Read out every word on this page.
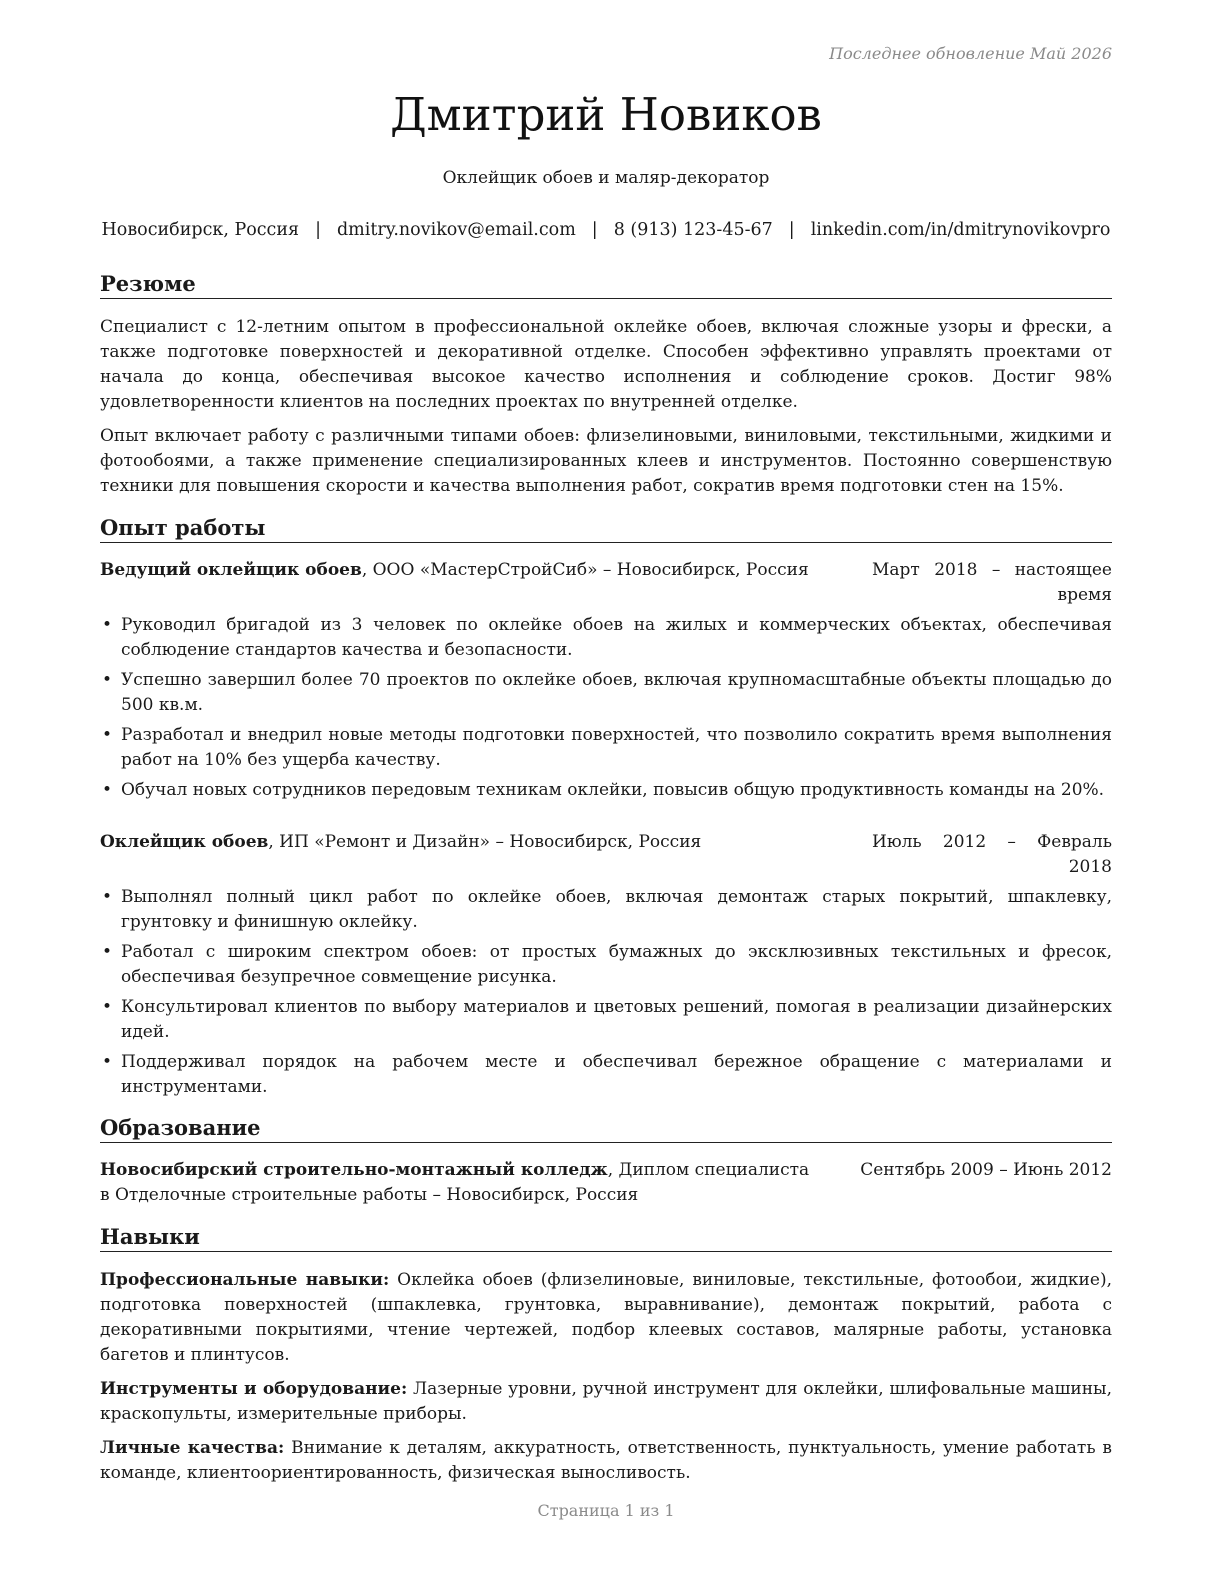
Последнее обновление Май 2026
Дмитрий Новиков
Оклейщик обоев и маляр-декоратор
Новосибирск, Россия | dmitry.novikov@email.com | 8 (913) 123-45-67 | linkedin.com/in/dmitrynovikovpro
Резюме

Специалист с 12-летним опытом в профессиональной оклейке обоев, включая сложные узоры и фрески, а также подготовке поверхностей и декоративной отделке. Способен эффективно управлять проектами от начала до конца, обеспечивая высокое качество исполнения и соблюдение сроков. Достиг 98% удовлетворенности клиентов на последних проектах по внутренней отделке.

Опыт включает работу с различными типами обоев: флизелиновыми, виниловыми, текстильными, жидкими и фотообоями, а также применение специализированных клеев и инструментов. Постоянно совершенствую техники для повышения скорости и качества выполнения работ, сократив время подготовки стен на 15%.

Опыт работы
Ведущий оклейщик обоев, ООО «МастерСтройСиб» – Новосибирск, Россия	Март 2018 – настоящее время
• Руководил бригадой из 3 человек по оклейке обоев на жилых и коммерческих объектах, обеспечивая соблюдение стандартов качества и безопасности.
• Успешно завершил более 70 проектов по оклейке обоев, включая крупномасштабные объекты площадью до 500 кв.м.
• Разработал и внедрил новые методы подготовки поверхностей, что позволило сократить время выполнения работ на 10% без ущерба качеству.
• Обучал новых сотрудников передовым техникам оклейки, повысив общую продуктивность команды на 20%.
Оклейщик обоев, ИП «Ремонт и Дизайн» – Новосибирск, Россия	Июль 2012 – Февраль 2018
• Выполнял полный цикл работ по оклейке обоев, включая демонтаж старых покрытий, шпаклевку, грунтовку и финишную оклейку.
• Работал с широким спектром обоев: от простых бумажных до эксклюзивных текстильных и фресок, обеспечивая безупречное совмещение рисунка.
• Консультировал клиентов по выбору материалов и цветовых решений, помогая в реализации дизайнерских идей.
• Поддерживал порядок на рабочем месте и обеспечивал бережное обращение с материалами и инструментами.
Образование
Новосибирский строительно-монтажный колледж, Диплом специалиста в Отделочные строительные работы – Новосибирск, Россия
Сентябрь 2009 – Июнь 2012
Навыки

Профессиональные навыки: Оклейка обоев (флизелиновые, виниловые, текстильные, фотообои, жидкие), подготовка поверхностей (шпаклевка, грунтовка, выравнивание), демонтаж покрытий, работа с декоративными покрытиями, чтение чертежей, подбор клеевых составов, малярные работы, установка багетов и плинтусов.

Инструменты и оборудование: Лазерные уровни, ручной инструмент для оклейки, шлифовальные машины, краскопульты, измерительные приборы.

Личные качества: Внимание к деталям, аккуратность, ответственность, пунктуальность, умение работать в команде, клиентоориентированность, физическая выносливость.

Страница 1 из 1
